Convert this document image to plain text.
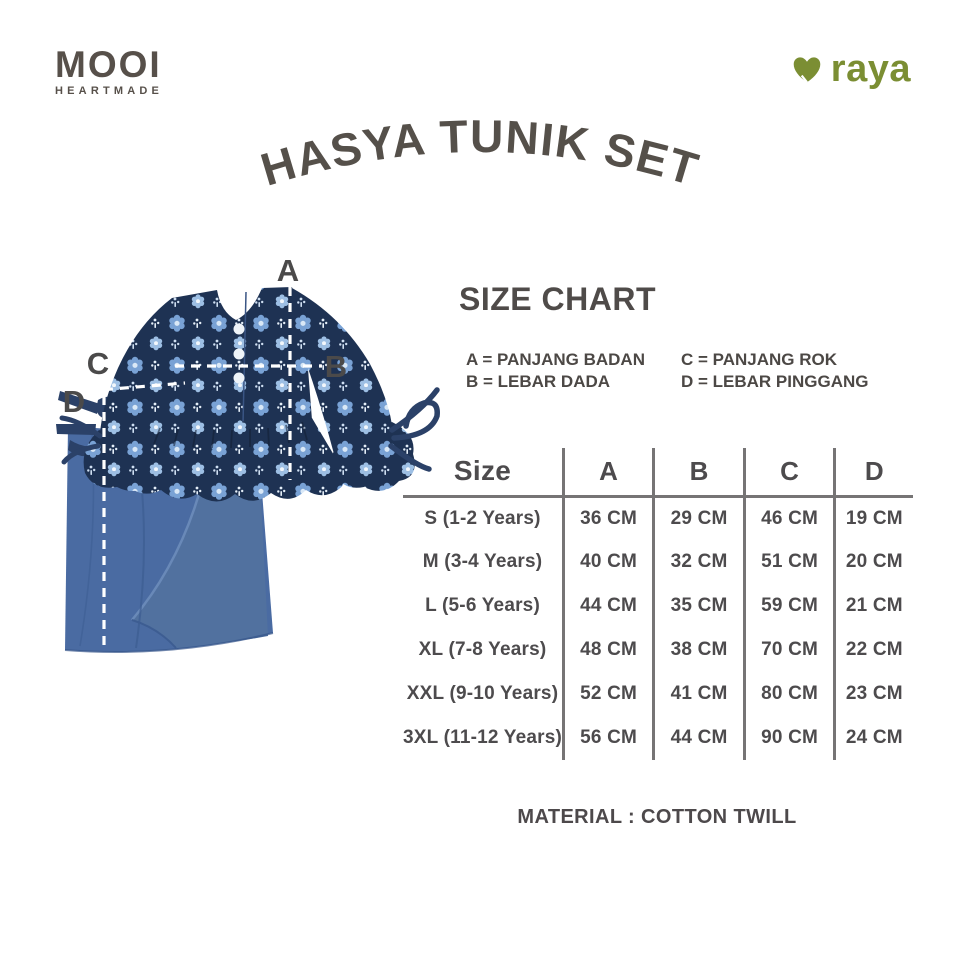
MOOI
HEARTMADE
raya
HASYA TUNIK SET
A
B
C
D
SIZE CHART
A = PANJANG BADAN	C = PANJANG ROK
B = LEBAR DADA	D = LEBAR PINGGANG
Size	A	B	C	D
S (1-2 Years)	36 CM	29 CM	46 CM	19 CM
M (3-4 Years)	40 CM	32 CM	51 CM	20 CM
L (5-6 Years)	44 CM	35 CM	59 CM	21 CM
XL (7-8 Years)	48 CM	38 CM	70 CM	22 CM
XXL (9-10 Years)	52 CM	41 CM	80 CM	23 CM
3XL (11-12 Years)	56 CM	44 CM	90 CM	24 CM
MATERIAL : COTTON TWILL
